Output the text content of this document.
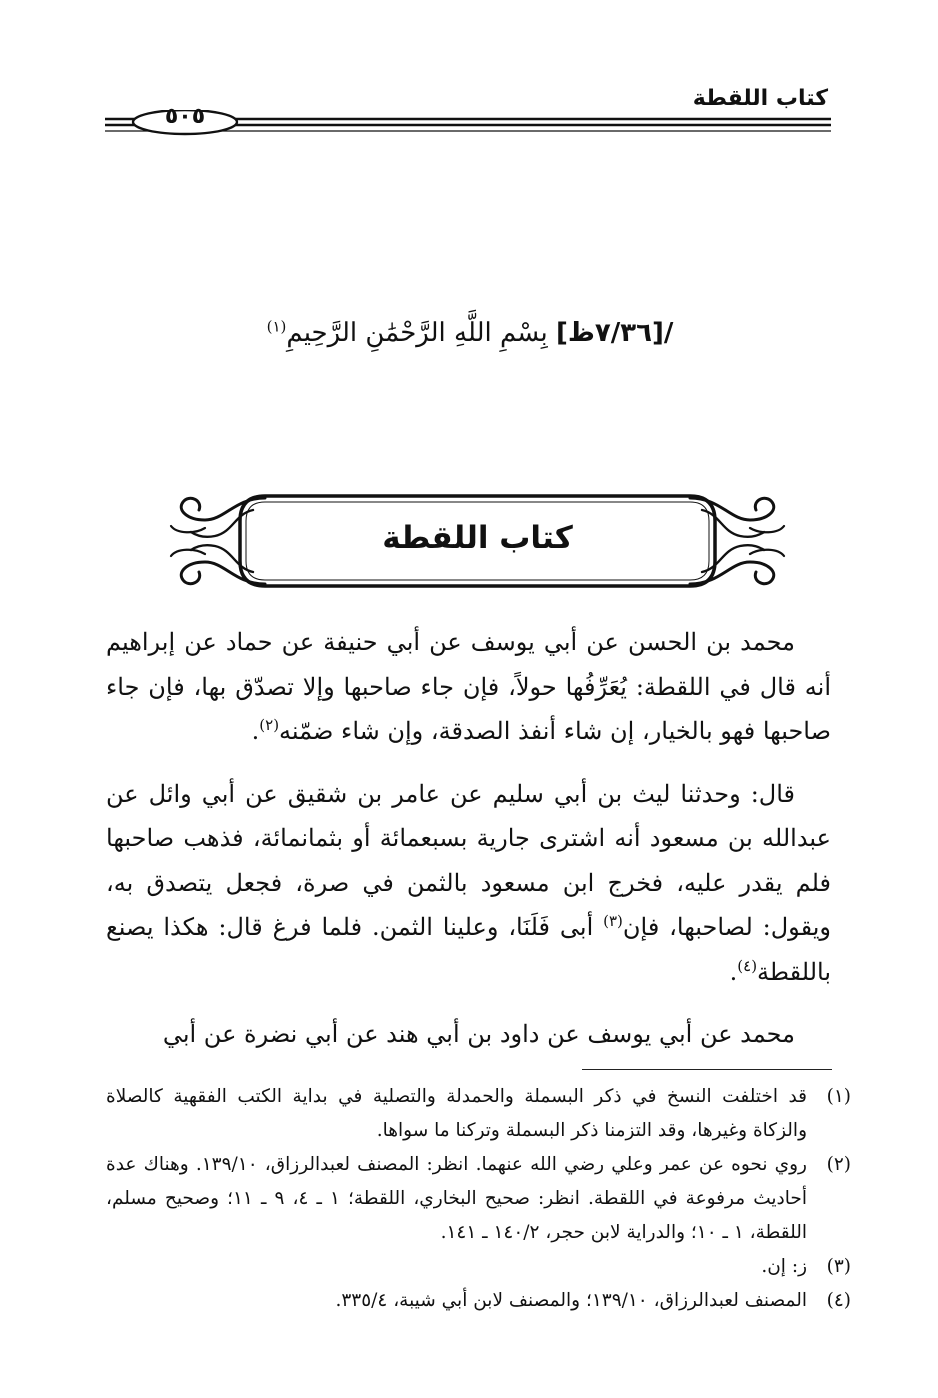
كتاب اللقطة
٥٠٥
/[٧/٣٦ظ] بِسْمِ اللَّهِ الرَّحْمَٰنِ الرَّحِيمِ$^{(١)}$
كتاب اللقطة

محمد بن الحسن عن أبي يوسف عن أبي حنيفة عن حماد عن إبراهيم أنه قال في اللقطة: يُعَرِّفُها حولاً، فإن جاء صاحبها وإلا تصدّق بها، فإن جاء صاحبها فهو بالخيار، إن شاء أنفذ الصدقة، وإن شاء ضمّنه$^{(٢)}$.

قال: وحدثنا ليث بن أبي سليم عن عامر بن شقيق عن أبي وائل عن عبدالله بن مسعود أنه اشترى جارية بسبعمائة أو بثمانمائة، فذهب صاحبها فلم يقدر عليه، فخرج ابن مسعود بالثمن في صرة، فجعل يتصدق به، ويقول: لصاحبها، فإن$^{(٣)}$ أبى فَلَنَا، وعلينا الثمن. فلما فرغ قال: هكذا يصنع باللقطة$^{(٤)}$.

محمد عن أبي يوسف عن داود بن أبي هند عن أبي نضرة عن أبي

(١)
قد اختلفت النسخ في ذكر البسملة والحمدلة والتصلية في بداية الكتب الفقهية كالصلاة والزكاة وغيرها، وقد التزمنا ذكر البسملة وتركنا ما سواها.
(٢)
روي نحوه عن عمر وعلي رضي الله عنهما. انظر: المصنف لعبدالرزاق، ١٣٩/١٠. وهناك عدة أحاديث مرفوعة في اللقطة. انظر: صحيح البخاري، اللقطة؛ ١ ـ ٤، ٩ ـ ١١؛ وصحيح مسلم، اللقطة، ١ ـ ١٠؛ والدراية لابن حجر، ١٤٠/٢ ـ ١٤١.
(٣)
ز: إن.
(٤)
المصنف لعبدالرزاق، ١٣٩/١٠؛ والمصنف لابن أبي شيبة، ٣٣٥/٤.
